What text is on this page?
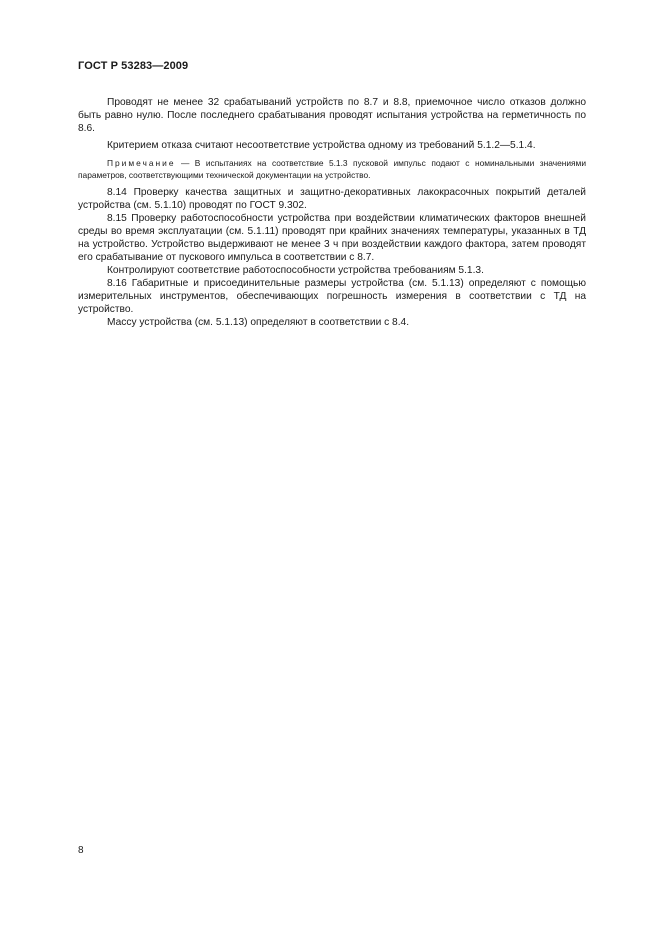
ГОСТ Р 53283—2009

Проводят не менее 32 срабатываний устройств по 8.7 и 8.8, приемочное число отказов должно быть равно нулю. После последнего срабатывания проводят испытания устройства на герметичность по 8.6.

Критерием отказа считают несоответствие устройства одному из требований 5.1.2—5.1.4.

Примечание — В испытаниях на соответствие 5.1.3 пусковой импульс подают с номинальными значениями параметров, соответствующими технической документации на устройство.

8.14 Проверку качества защитных и защитно-декоративных лакокрасочных покрытий деталей устройства (см. 5.1.10) проводят по ГОСТ 9.302.

8.15 Проверку работоспособности устройства при воздействии климатических факторов внешней среды во время эксплуатации (см. 5.1.11) проводят при крайних значениях температуры, указанных в ТД на устройство. Устройство выдерживают не менее 3 ч при воздействии каждого фактора, затем проводят его срабатывание от пускового импульса в соответствии с 8.7.

Контролируют соответствие работоспособности устройства требованиям 5.1.3.

8.16 Габаритные и присоединительные размеры устройства (см. 5.1.13) определяют с помощью измерительных инструментов, обеспечивающих погрешность измерения в соответствии с ТД на устройство.

Массу устройства (см. 5.1.13) определяют в соответствии с 8.4.

8
